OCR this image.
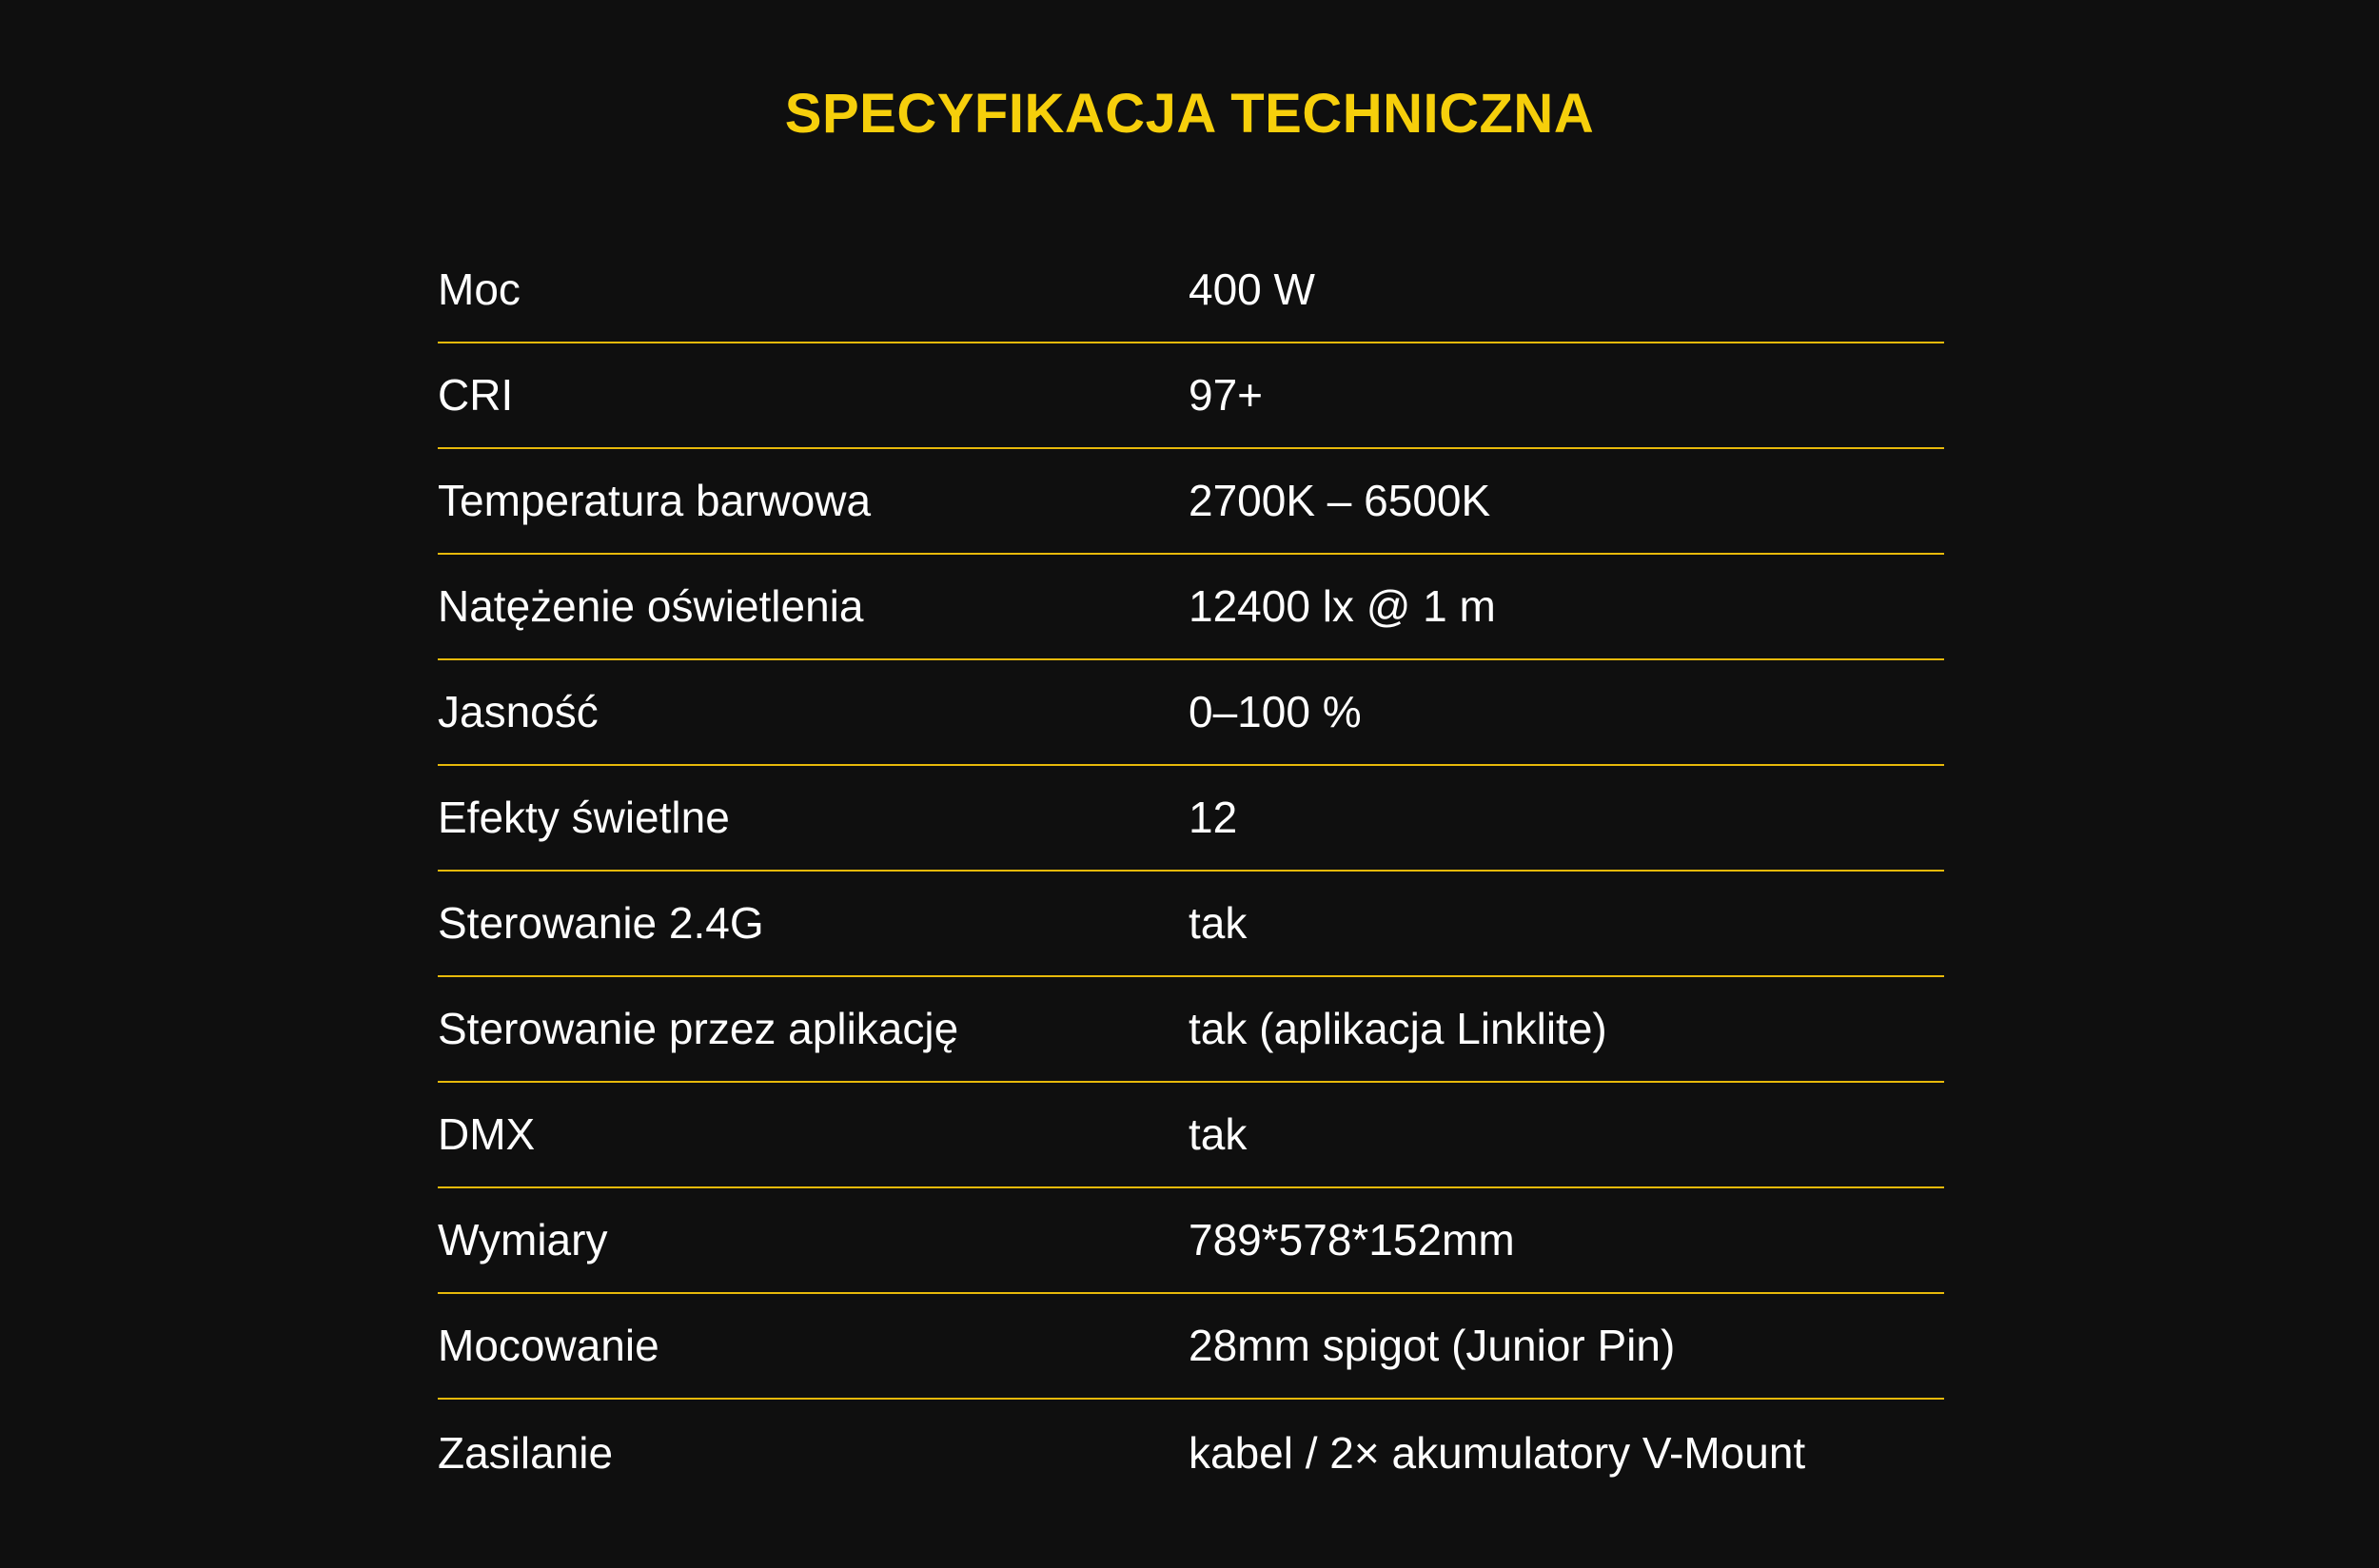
SPECYFIKACJA TECHNICZNA
Moc	400 W
CRI	97+
Temperatura barwowa	2700K – 6500K
Natężenie oświetlenia	12400 lx @ 1 m
Jasność	0–100 %
Efekty świetlne	12
Sterowanie 2.4G	tak
Sterowanie przez aplikację	tak (aplikacja Linklite)
DMX	tak
Wymiary	789*578*152mm
Mocowanie	28mm spigot (Junior Pin)
Zasilanie	kabel / 2× akumulatory V-Mount
